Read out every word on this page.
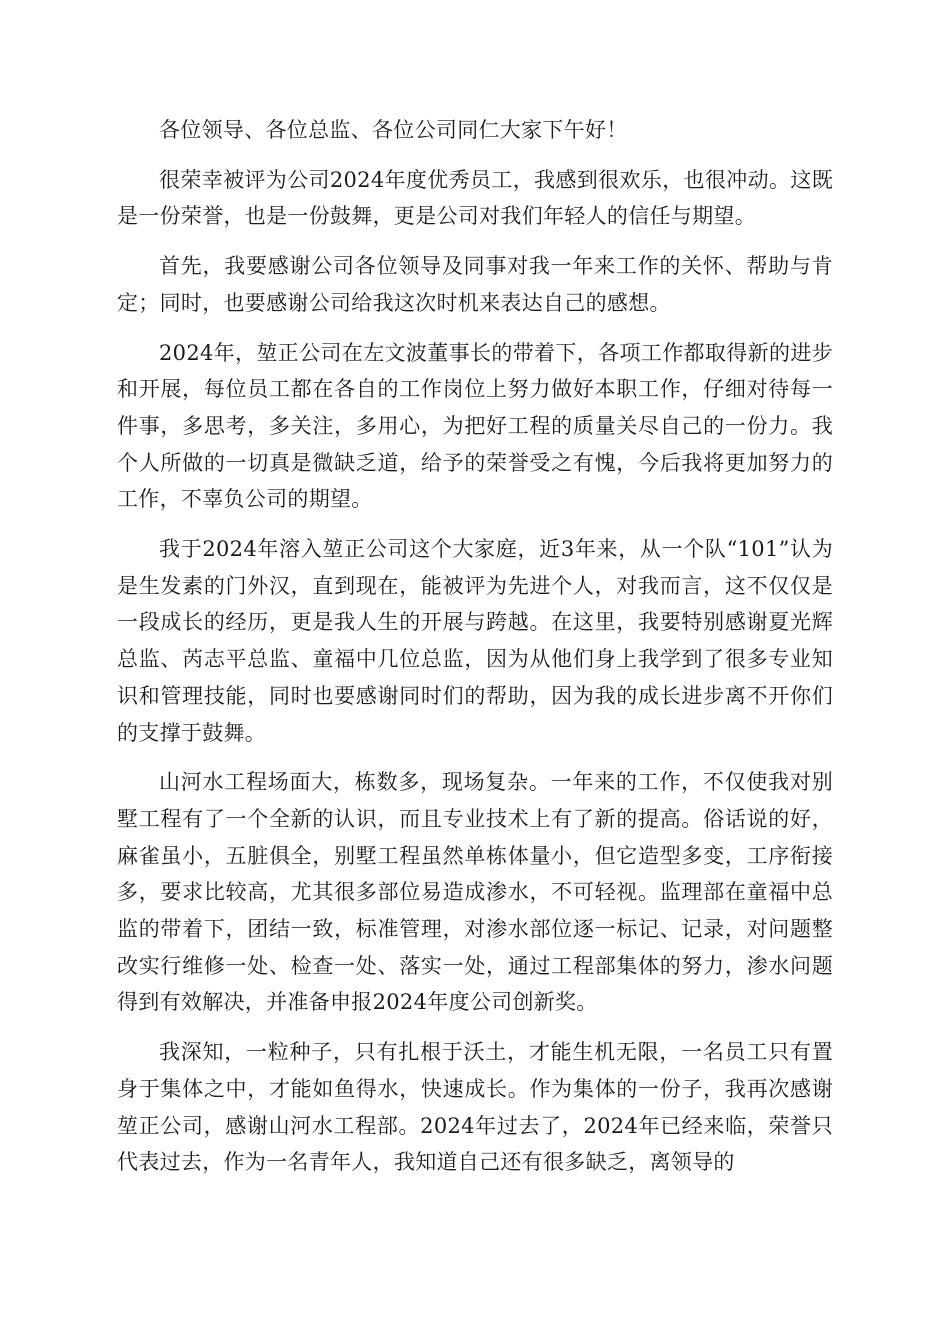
各位领导、各位总监、各位公司同仁大家下午好！

很荣幸被评为公司2024年度优秀员工，我感到很欢乐，也很冲动。这既是一份荣誉，也是一份鼓舞，更是公司对我们年轻人的信任与期望。

首先，我要感谢公司各位领导及同事对我一年来工作的关怀、帮助与肯定；同时，也要感谢公司给我这次时机来表达自己的感想。

2024年，堃正公司在左文波董事长的带着下，各项工作都取得新的进步和开展，每位员工都在各自的工作岗位上努力做好本职工作，仔细对待每一件事，多思考，多关注，多用心，为把好工程的质量关尽自己的一份力。我个人所做的一切真是微缺乏道，给予的荣誉受之有愧，今后我将更加努力的工作，不辜负公司的期望。

我于2024年溶入堃正公司这个大家庭，近3年来，从一个队“101”认为是生发素的门外汉，直到现在，能被评为先进个人，对我而言，这不仅仅是一段成长的经历，更是我人生的开展与跨越。在这里，我要特别感谢夏光辉总监、芮志平总监、童福中几位总监，因为从他们身上我学到了很多专业知识和管理技能，同时也要感谢同时们的帮助，因为我的成长进步离不开你们的支撑于鼓舞。

山河水工程场面大，栋数多，现场复杂。一年来的工作，不仅使我对别墅工程有了一个全新的认识，而且专业技术上有了新的提高。俗话说的好，麻雀虽小，五脏俱全，别墅工程虽然单栋体量小，但它造型多变，工序衔接多，要求比较高，尤其很多部位易造成渗水，不可轻视。监理部在童福中总监的带着下，团结一致，标准管理，对渗水部位逐一标记、记录，对问题整改实行维修一处、检查一处、落实一处，通过工程部集体的努力，渗水问题得到有效解决，并准备申报2024年度公司创新奖。

我深知，一粒种子，只有扎根于沃土，才能生机无限，一名员工只有置身于集体之中，才能如鱼得水，快速成长。作为集体的一份子，我再次感谢堃正公司，感谢山河水工程部。2024年过去了，2024年已经来临，荣誉只代表过去，作为一名青年人，我知道自己还有很多缺乏，离领导的
